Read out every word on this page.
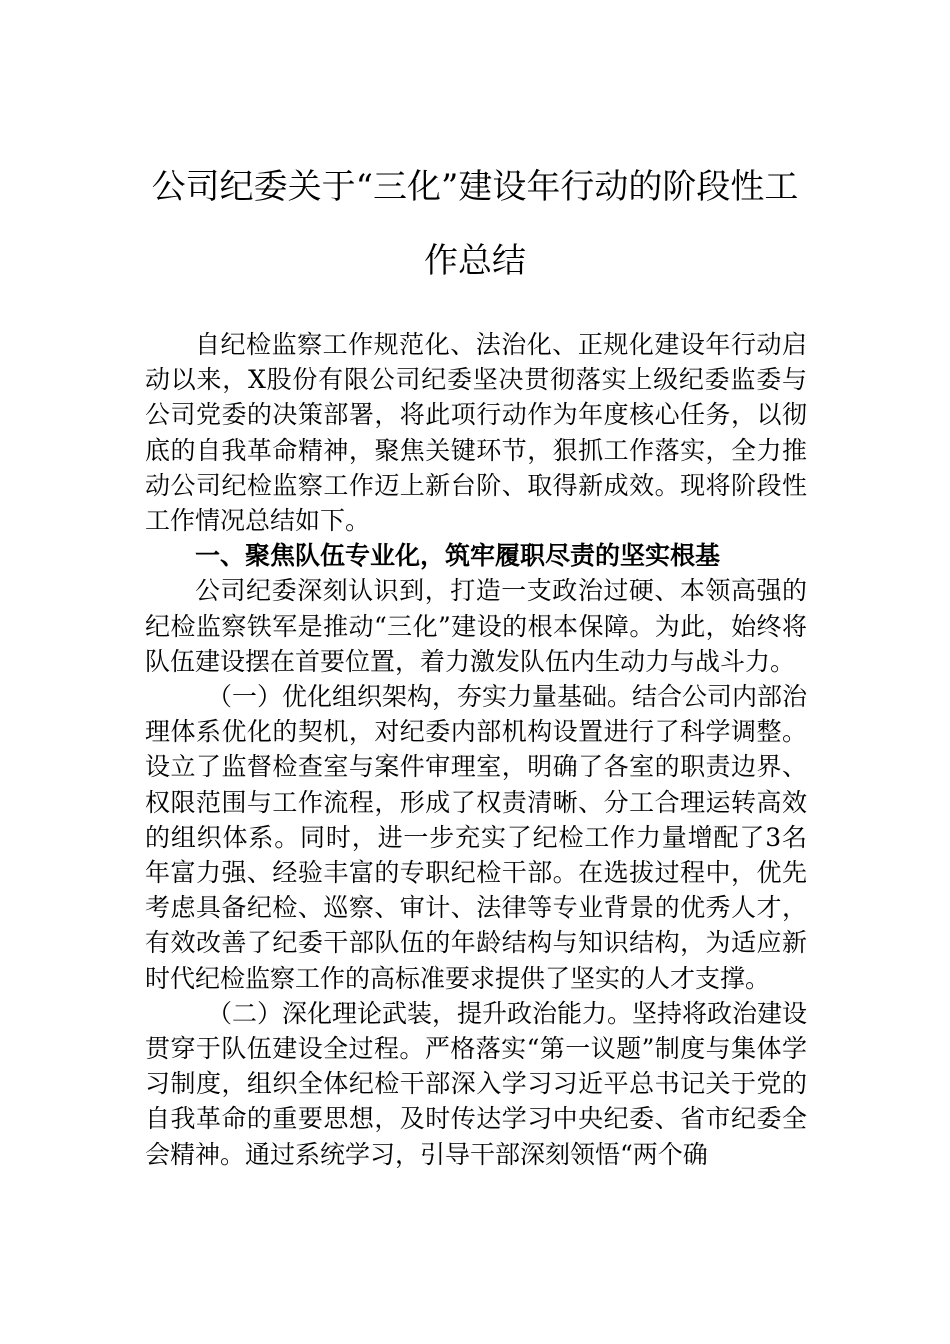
公司纪委关于“三化”建设年行动的阶段性工
作总结

自纪检监察工作规范化、法治化、正规化建设年行动启动以来，X股份有限公司纪委坚决贯彻落实上级纪委监委与公司党委的决策部署，将此项行动作为年度核心任务，以彻底的自我革命精神，聚焦关键环节，狠抓工作落实，全力推动公司纪检监察工作迈上新台阶、取得新成效。现将阶段性工作情况总结如下。

一、聚焦队伍专业化，筑牢履职尽责的坚实根基

公司纪委深刻认识到，打造一支政治过硬、本领高强的纪检监察铁军是推动“三化”建设的根本保障。为此，始终将队伍建设摆在首要位置，着力激发队伍内生动力与战斗力。

（一）优化组织架构，夯实力量基础。结合公司内部治理体系优化的契机，对纪委内部机构设置进行了科学调整。设立了监督检查室与案件审理室，明确了各室的职责边界、权限范围与工作流程，形成了权责清晰、分工合理运转高效的组织体系。同时，进一步充实了纪检工作力量增配了3名年富力强、经验丰富的专职纪检干部。在选拔过程中，优先考虑具备纪检、巡察、审计、法律等专业背景的优秀人才，有效改善了纪委干部队伍的年龄结构与知识结构，为适应新时代纪检监察工作的高标准要求提供了坚实的人才支撑。

（二）深化理论武装，提升政治能力。坚持将政治建设贯穿于队伍建设全过程。严格落实“第一议题”制度与集体学习制度，组织全体纪检干部深入学习习近平总书记关于党的自我革命的重要思想，及时传达学习中央纪委、省市纪委全会精神。通过系统学习，引导干部深刻领悟“两个确
